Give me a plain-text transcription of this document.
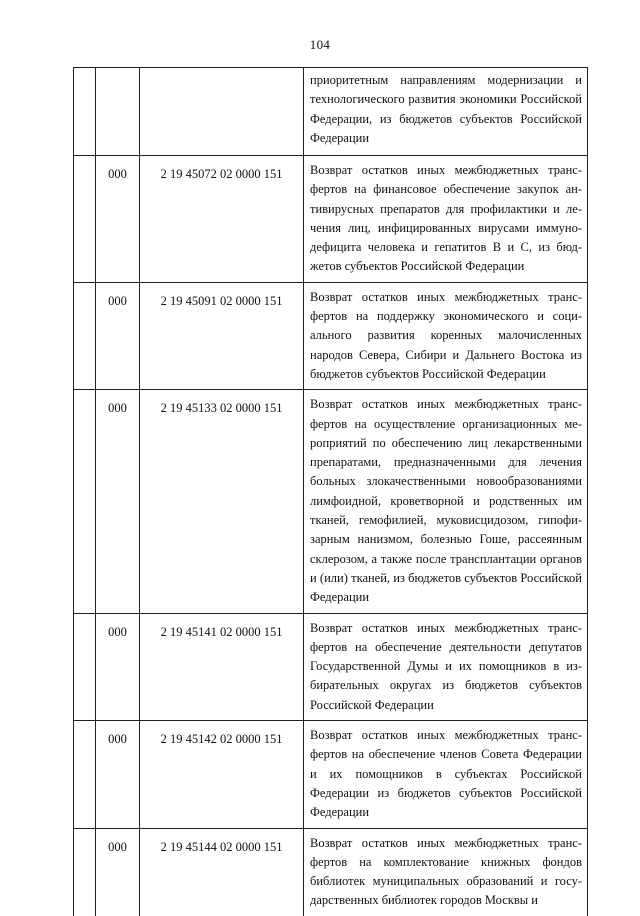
104
			приоритетным направлениям модернизации и технологического развития экономики Российской Федерации, из бюджетов субъектов Российской Федерации
	000	2 19 45072 02 0000 151	Возврат остатков иных межбюджетных трансфертов на финансовое обеспечение закупок антивирусных препаратов для профилактики и лечения лиц, инфицированных вирусами иммунодефицита человека и гепатитов В и С, из бюджетов субъектов Российской Федерации
	000	2 19 45091 02 0000 151	Возврат остатков иных межбюджетных трансфертов на поддержку экономического и социального развития коренных малочисленных народов Севера, Сибири и Дальнего Востока из бюджетов субъектов Российской Федерации
	000	2 19 45133 02 0000 151	Возврат остатков иных межбюджетных трансфертов на осуществление организационных мероприятий по обеспечению лиц лекарственными препаратами, предназначенными для лечения больных злокачественными новообразованиями лимфоидной, кроветворной и родственных им тканей, гемофилией, муковисцидозом, гипофизарным нанизмом, болезнью Гоше, рассеянным склерозом, а также после трансплантации органов и (или) тканей, из бюджетов субъектов Российской Федерации
	000	2 19 45141 02 0000 151	Возврат остатков иных межбюджетных трансфертов на обеспечение деятельности депутатов Государственной Думы и их помощников в избирательных округах из бюджетов субъектов Российской Федерации
	000	2 19 45142 02 0000 151	Возврат остатков иных межбюджетных трансфертов на обеспечение членов Совета Федерации и их помощников в субъектах Российской Федерации из бюджетов субъектов Российской Федерации
	000	2 19 45144 02 0000 151	Возврат остатков иных межбюджетных трансфертов на комплектование книжных фондов библиотек муниципальных образований и государственных библиотек городов Москвы и
